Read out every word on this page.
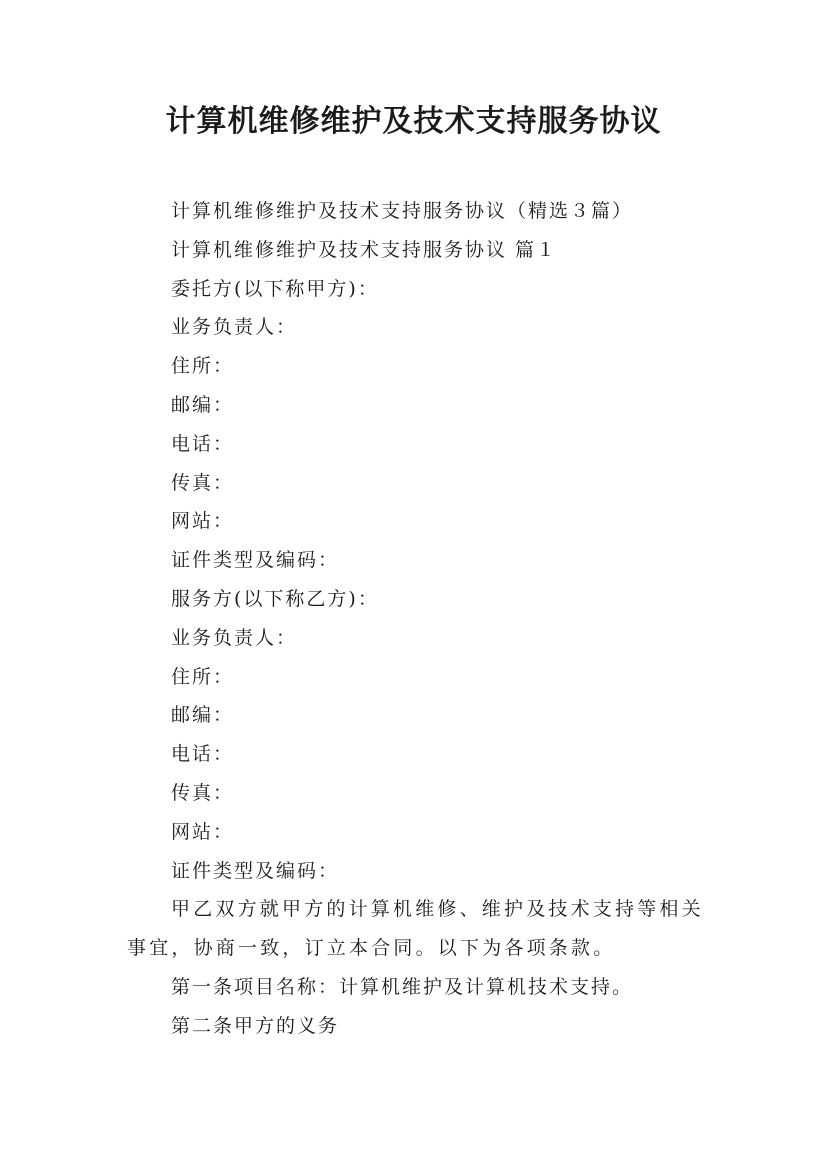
计算机维修维护及技术支持服务协议

计算机维修维护及技术支持服务协议（精选３篇）

计算机维修维护及技术支持服务协议 篇１

委托方(以下称甲方)：

业务负责人：

住所：

邮编：

电话：

传真：

网站：

证件类型及编码：

服务方(以下称乙方)：

业务负责人：

住所：

邮编：

电话：

传真：

网站：

证件类型及编码：

甲乙双方就甲方的计算机维修、维护及技术支持等相关事宜，协商一致，订立本合同。以下为各项条款。

第一条项目名称：计算机维护及计算机技术支持。

第二条甲方的义务
